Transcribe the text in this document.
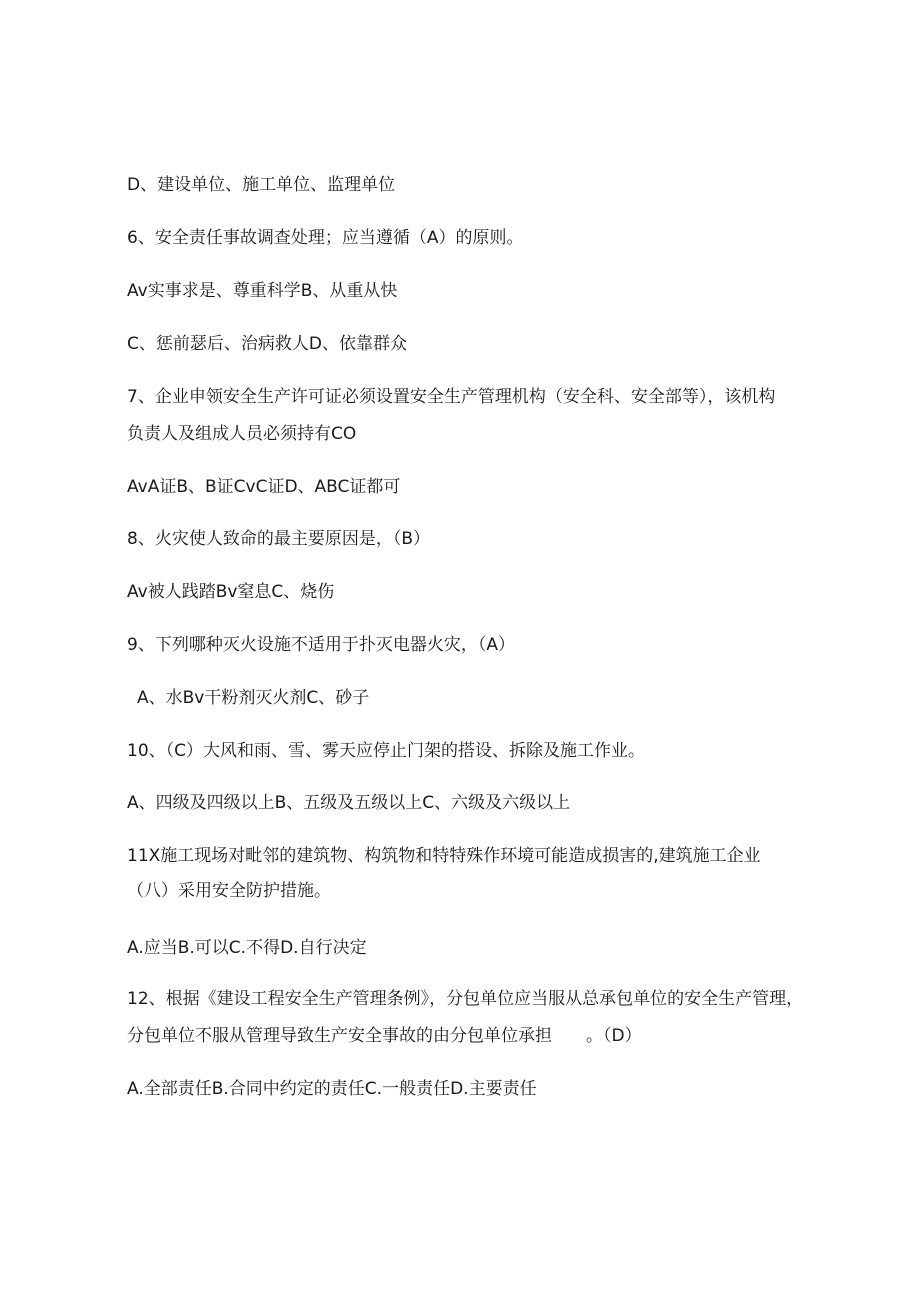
D、建设单位、施工单位、监理单位
6、安全责任事故调查处理；应当遵循（A）的原则。
Av实事求是、尊重科学B、从重从快
C、惩前瑟后、治病救人D、依靠群众
7、企业申领安全生产许可证必须设置安全生产管理机构（安全科、安全部等），该机构
负责人及组成人员必须持有CO
AvA证B、B证CvC证D、ABC证都可
8、火灾使人致命的最主要原因是，（B）
Av被人践踏Bv窒息C、烧伤
9、下列哪种灭火设施不适用于扑灭电器火灾，（A）
A、水Bv干粉剂灭火剂C、砂子
10、（C）大风和雨、雪、雾天应停止门架的搭设、拆除及施工作业。
A、四级及四级以上B、五级及五级以上C、六级及六级以上
11X施工现场对毗邻的建筑物、构筑物和特特殊作环境可能造成损害的,建筑施工企业
（八）采用安全防护措施。
A.应当B.可以C.不得D.自行决定
12、根据《建设工程安全生产管理条例》，分包单位应当服从总承包单位的安全生产管理，
分包单位不服从管理导致生产安全事故的由分包单位承担　　。（D）
A.全部责任B.合同中约定的责任C.一般责任D.主要责任
